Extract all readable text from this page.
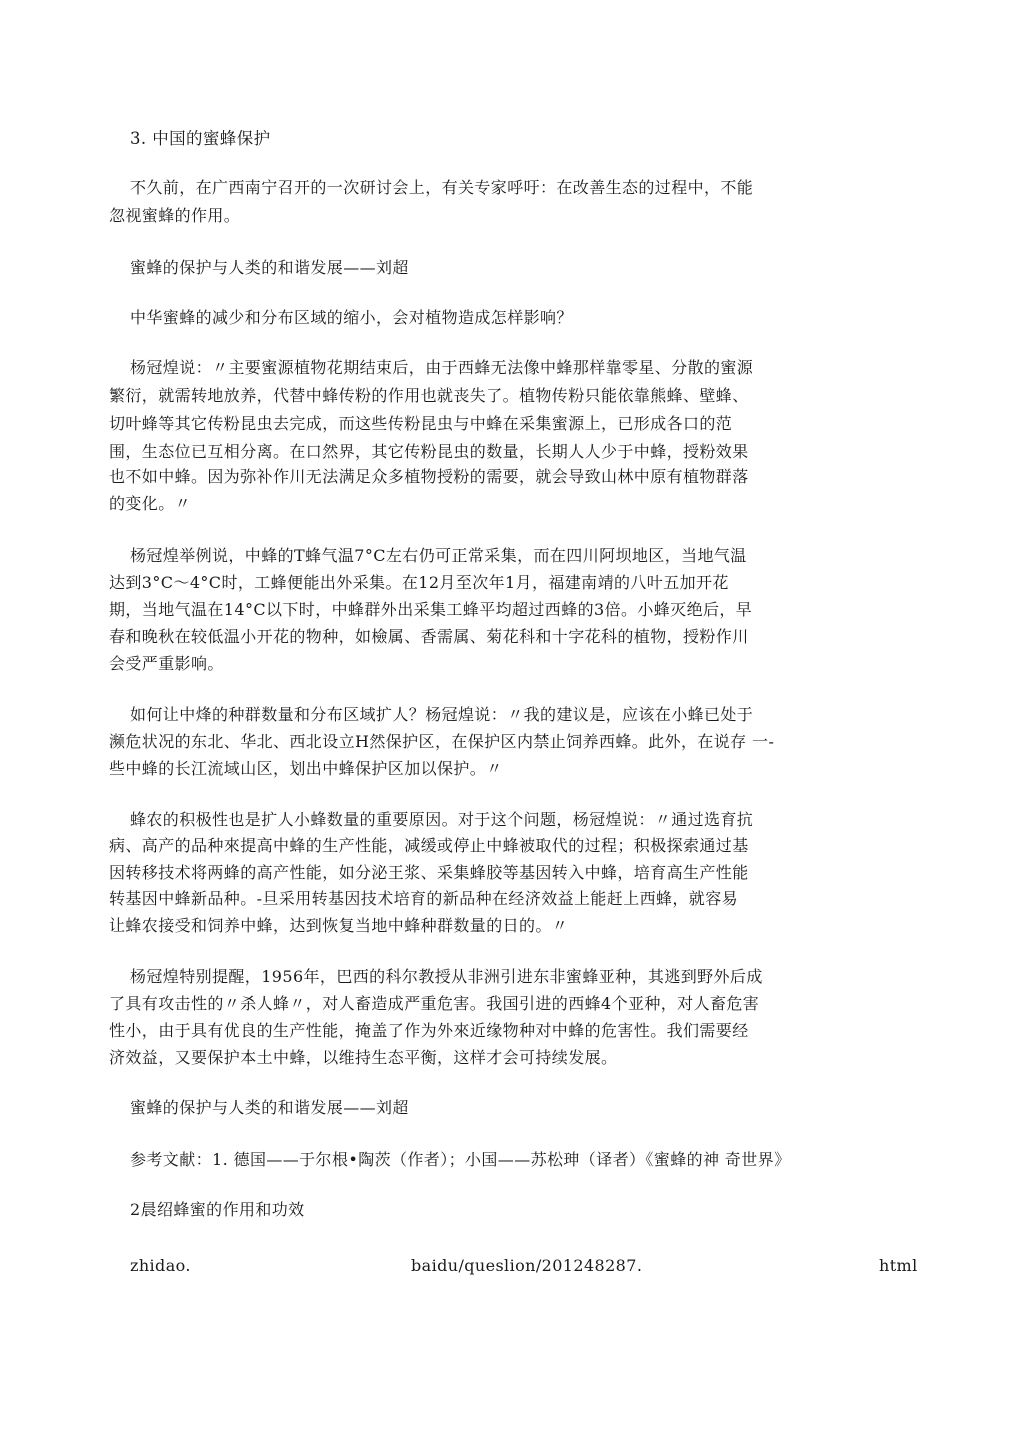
3. 中国的蜜蜂保护
不久前，在广西南宁召开的一次研讨会上，有关专家呼吁：在改善生态的过程中，不能
忽视蜜蜂的作用。
蜜蜂的保护与人类的和谐发展——刘超
中华蜜蜂的减少和分布区域的缩小，会对植物造成怎样影响？
杨冠煌说：〃主要蜜源植物花期结束后，由于西蜂无法像中蜂那样靠零星、分散的蜜源
繁衍，就需转地放养，代替中蜂传粉的作用也就丧失了。植物传粉只能依靠熊蜂、壁蜂、
切叶蜂等其它传粉昆虫去完成，而这些传粉昆虫与中蜂在采集蜜源上，已形成各口的范
围，生态位已互相分离。在口然界，其它传粉昆虫的数量，长期人人少于中蜂，授粉效果
也不如中蜂。因为弥补作川无法满足众多植物授粉的需要，就会导致山林中原有植物群落
的变化。〃
杨冠煌举例说，中蜂的T蜂气温7°C左右仍可正常采集，而在四川阿坝地区，当地气温
达到3°C～4°C时，工蜂便能出外采集。在12月至次年1月，福建南靖的八叶五加开花
期，当地气温在14°C以下时，中蜂群外出采集工蜂平均超过西蜂的3倍。小蜂灭绝后，早
春和晚秋在较低温小开花的物种，如檢属、香需属、菊花科和十字花科的植物，授粉作川
会受严重影响。
如何让中烽的种群数量和分布区域扩人？杨冠煌说：〃我的建议是，应该在小蜂已处于
濒危状况的东北、华北、西北设立H然保护区，在保护区内禁止饲养西蜂。此外，在说存 一-
些中蜂的长江流域山区，划出中蜂保护区加以保护。〃
蜂农的积极性也是扩人小蜂数量的重要原因。对于这个问题，杨冠煌说：〃通过选育抗
病、高产的品种來提高中蜂的生产性能，减缓或停止中蜂被取代的过程；积极探索通过基
因转移技术将两蜂的高产性能，如分泌王浆、采集蜂胶等基因转入中蜂，培育高生产性能
转基因中蜂新品种。-旦采用转基因技术培育的新品种在经济效益上能赶上西蜂，就容易
让蜂农接受和饲养中蜂，达到恢复当地中蜂种群数量的日的。〃
杨冠煌特别提醒，1956年，巴西的科尔教授从非洲引进东非蜜蜂亚种，其逃到野外后成
了具有攻击性的〃杀人蜂〃，对人畜造成严重危害。我国引进的西蜂4个亚种，对人畜危害
性小，由于具有优良的生产性能，掩盖了作为外來近缘物种对中蜂的危害性。我们需要经
济效益，又要保护本土中蜂，以维持生态平衡，这样才会可持续发展。
蜜蜂的保护与人类的和谐发展——刘超
参考文献：1. 德国——于尔根•陶茨（作者）；小国——苏松珅（译者）《蜜蜂的神 奇世界》
2晨绍蜂蜜的作用和功效
zhidao.	baidu/queslion/201248287.	html
